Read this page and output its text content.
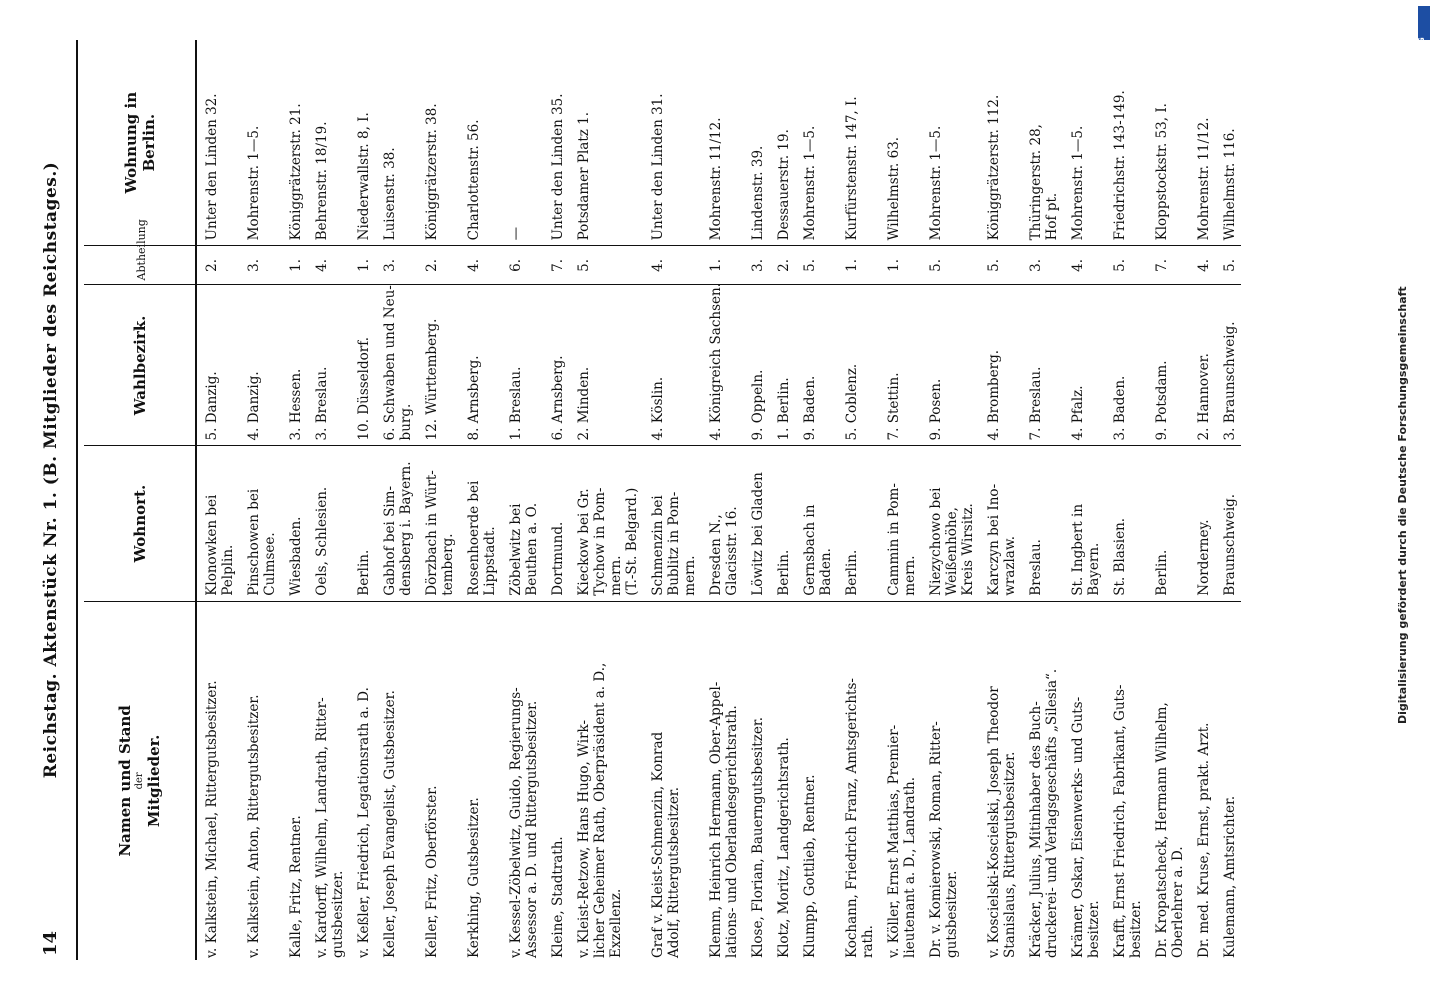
14
Reichstag. Aktenstück Nr. 1. (B. Mitglieder des Reichstages.)
Namen und Stand der Mitglieder.	Wohnort.	Wahlbezirk.	Abtheilung	Wohnung in
Berlin.

v. Kalkstein, Michael, Rittergutsbesitzer.	Klonowken bei Pelplin.	5. Danzig.	2.	Unter den Linden 32.

v. Kalkstein, Anton, Rittergutsbesitzer.	Pinschowen bei Culmsee.	4. Danzig.	3.	Mohrenstr. 1—5.

Kalle, Fritz, Rentner.	Wiesbaden.	3. Hessen.	1.	Königgrätzerstr. 21.

v. Kardorff, Wilhelm, Landrath, Ritter- gutsbesitzer.	Oels, Schlesien.	3. Breslau.	4.	Behrenstr. 18/19.

v. Keßler, Friedrich, Legationsrath a. D.	Berlin.	10. Düsseldorf.	1.	Niederwallstr. 8, I.

Keller, Joseph Evangelist, Gutsbesitzer.	Gabhof bei Sim- densberg i. Bayern.	6. Schwaben und Neu- burg.	3.	Luisenstr. 38.

Keller, Fritz, Oberförster.	Dörzbach in Würt- temberg.	12. Württemberg.	2.	Königgrätzerstr. 38.

Kerkhing, Gutsbesitzer.	Rosenhoerde bei Lippstadt.	8. Arnsberg.	4.	Charlottenstr. 56.

v. Kessel-Zöbelwitz, Guido, Regierungs- Assessor a. D. und Rittergutsbesitzer.	Zöbelwitz bei Beuthen a. O.	1. Breslau.	6.	—

Kleine, Stadtrath.	Dortmund.	6. Arnsberg.	7.	Unter den Linden 35.

v. Kleist-Retzow, Hans Hugo, Wirk- licher Geheimer Rath, Oberpräsident a. D., Exzellenz.	Kieckow bei Gr. Tychow in Pom- mern. (T.-St. Belgard.)	2. Minden.	5.	Potsdamer Platz 1.

Graf v. Kleist-Schmenzin, Konrad Adolf, Rittergutsbesitzer.	Schmenzin bei Bublitz in Pom- mern.	4. Köslin.	4.	Unter den Linden 31.

Klemm, Heinrich Hermann, Ober-Appel- lations- und Oberlandesgerichtsrath.	Dresden N., Glacisstr. 16.	4. Königreich Sachsen.	1.	Mohrenstr. 11/12.

Klose, Florian, Bauerngutsbesitzer.	Löwitz bei Gladen	9. Oppeln.	3.	Lindenstr. 39.

Klotz, Moritz, Landgerichtsrath.	Berlin.	1. Berlin.	2.	Dessauerstr. 19.

Klumpp, Gottlieb, Rentner.	Gernsbach in Baden.	9. Baden.	5.	Mohrenstr. 1—5.

Kochann, Friedrich Franz, Amtsgerichts- rath.	Berlin.	5. Coblenz.	1.	Kurfürstenstr. 147, I.

v. Köller, Ernst Matthias, Premier- lieutenant a. D., Landrath.	Cammin in Pom- mern.	7. Stettin.	1.	Wilhelmstr. 63.

Dr. v. Komierowski, Roman, Ritter- gutsbesitzer.	Niezychowo bei Weißenhöhe, Kreis Wirsitz.	9. Posen.	5.	Mohrenstr. 1—5.

v. Koscielski-Koscielski, Joseph Theodor Stanislaus, Rittergutsbesitzer.	Karczyn bei Ino- wrazlaw.	4. Bromberg.	5.	Königgrätzerstr. 112.

Kräcker, Julius, Mitinhaber des Buch- druckerei- und Verlagsgeschäfts „Silesia“.	Breslau.	7. Breslau.	3.	Thüringerstr. 28, Hof pt.

Krämer, Oskar, Eisenwerks- und Guts- besitzer.	St. Ingbert in Bayern.	4. Pfalz.	4.	Mohrenstr. 1—5.

Krafft, Ernst Friedrich, Fabrikant, Guts- besitzer.	St. Blasien.	3. Baden.	5.	Friedrichstr. 143-149.

Dr. Kropatscheck, Hermann Wilhelm, Oberlehrer a. D.	Berlin.	9. Potsdam.	7.	Kloppstockstr. 53, I.

Dr. med. Kruse, Ernst, prakt. Arzt.	Norderney.	2. Hannover.	4.	Mohrenstr. 11/12.

Kulemann, Amtsrichter.	Braunschweig.	3. Braunschweig.	5.	Wilhelmstr. 116.
Digitalisierung gefördert durch die Deutsche Forschungsgemeinschaft
DFG
